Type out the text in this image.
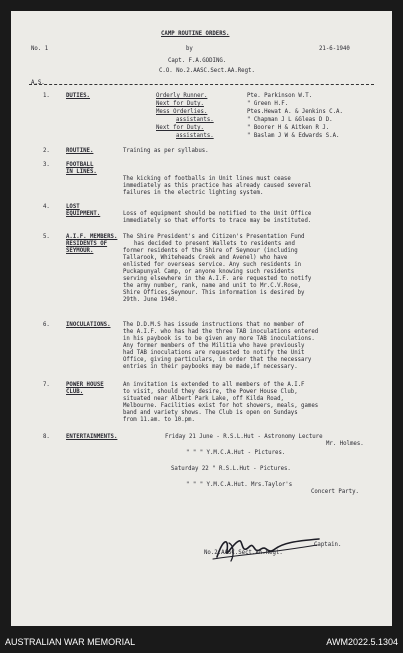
CAMP ROUTINE ORDERS.
No. 1	by	21-6-1940
Capt. F.A.GODING.
C.O. No.2.AASC.Sect.AA.Regt.
A.S.
1.	DUTIES.	Orderly Runner.	Pte. Parkinson W.T.
Next for Duty.	" Green H.F.
Mess Orderlies.	Ptes.Hewat A. & Jenkins C.A.
assistants.	" Chapman J L &Gleas D D.
Next for Duty.	" Boorer H & Aitken R J.
assistants.	" Baslam J W & Edwards S.A.
2.	ROUTINE.	Training as per syllabus.
3.	FOOTBALL
IN LINES.
The kicking of footballs in Unit lines must cease
immediately as this practice has already caused several
failures in the electric lighting system.
4.	LOST
EQUIPMENT.	Loss of equipment should be notified to the Unit Office
immediately so that efforts to trace may be instituted.
5.	A.I.F. MEMBERS.
RESIDENTS OF
SEYMOUR.
The Shire President's and Citizen's Presentation Fund
has decided to present Wallets to residents and
former residents of the Shire of Seymour (including
Tallarook, Whiteheads Creek and Avenel) who have
enlisted for overseas service. Any such residents in
Puckapunyal Camp, or anyone knowing such residents
serving elsewhere in the A.I.F. are requested to notify
the army number, rank, name and unit to Mr.C.V.Rose,
Shire Offices,Seymour. This information is desired by
29th. June 1940.
6.	INOCULATIONS. The D.D.M.S has issude instructions that no member of
the A.I.F. who has had the three TAB inoculations entered
in his paybook is to be given any more TAB inoculations.
Any former members of the Militia who have previously
had TAB inoculations are requested to notify the Unit
Office, giving particulars, in order that the necessary
entries in their paybooks may be made,if necessary.
7.	POWER HOUSE
CLUB.
An invitation is extended to all members of the A.I.F
to visit, should they desire, the Power House Club,
situated near Albert Park Lake, off Kilda Road,
Melbourne. Facilities exist for hot showers, meals, games
band and variety shows. The Club is open on Sundays
from 11.am. to 10.pm.
8.	ENTERTAINMENTS.	Friday 21 June - R.S.L.Hut - Astronomy Lecture
Mr. Holmes.
" " " Y.M.C.A.Hut - Pictures.
Saturday 22 " R.S.L.Hut - Pictures.
" " " Y.M.C.A.Hut. Mrs.Taylor's
Concert Party.
Captain.
No.2.AASC.Sect.AA.Regt.
AUSTRALIAN WAR MEMORIAL	AWM2022.5.1304
